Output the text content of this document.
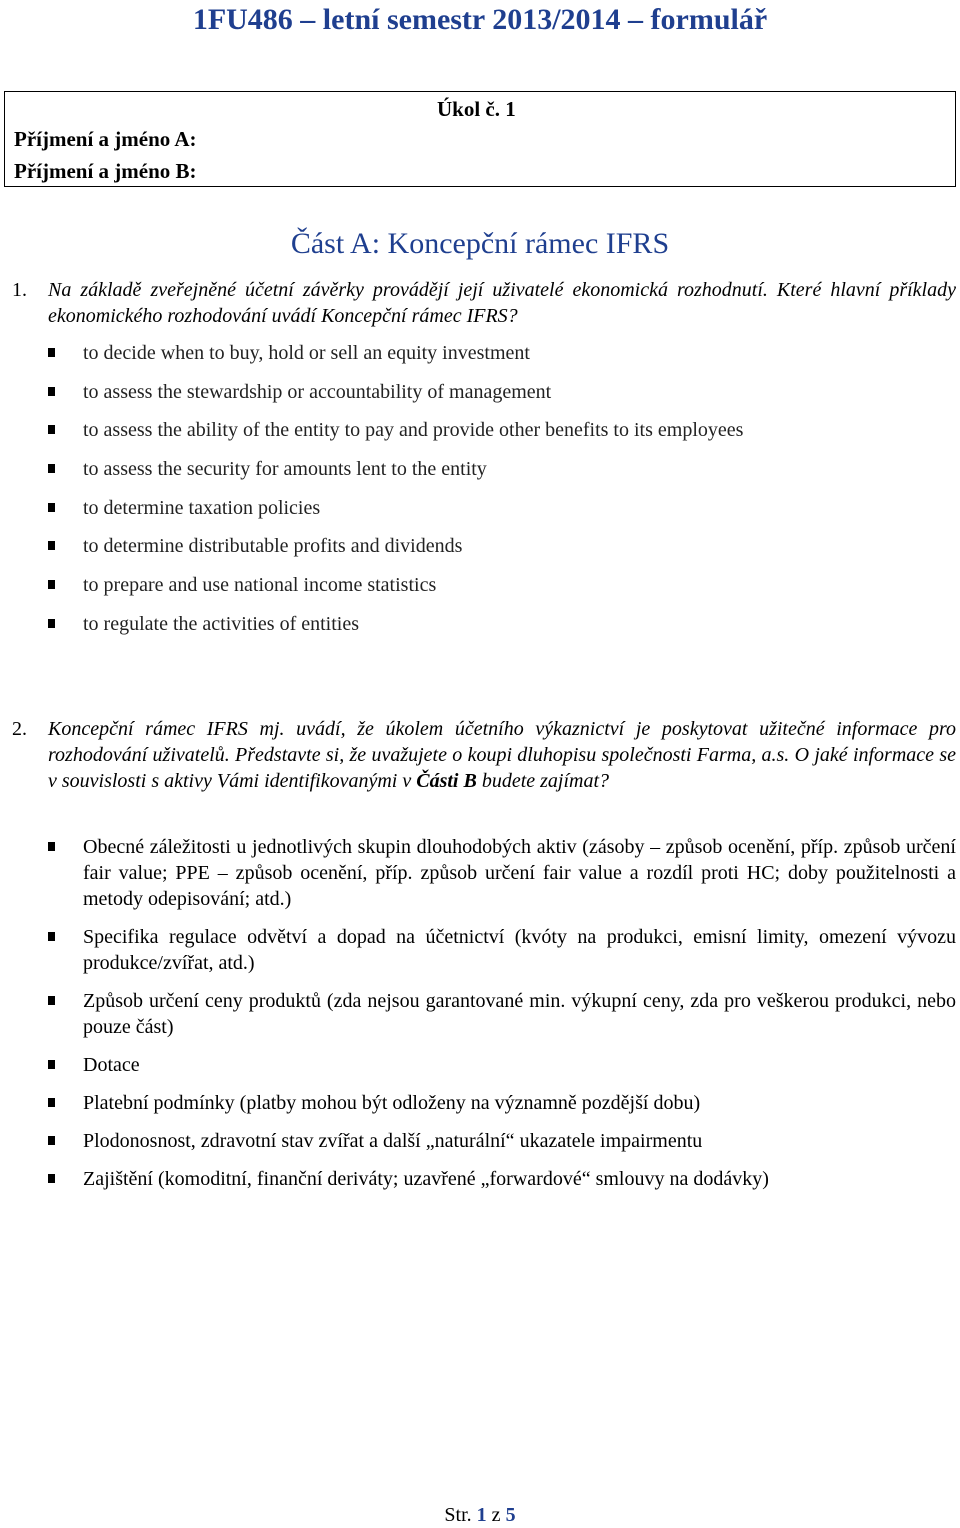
1FU486 – letní semestr 2013/2014 – formulář
Úkol č. 1
Příjmení a jméno A:
Příjmení a jméno B:
Část A: Koncepční rámec IFRS
1. Na základě zveřejněné účetní závěrky provádějí její uživatelé ekonomická rozhodnutí. Které hlavní příklady ekonomického rozhodování uvádí Koncepční rámec IFRS?
to decide when to buy, hold or sell an equity investment
to assess the stewardship or accountability of management
to assess the ability of the entity to pay and provide other benefits to its employees
to assess the security for amounts lent to the entity
to determine taxation policies
to determine distributable profits and dividends
to prepare and use national income statistics
to regulate the activities of entities
2. Koncepční rámec IFRS mj. uvádí, že úkolem účetního výkaznictví je poskytovat užitečné informace pro rozhodování uživatelů. Představte si, že uvažujete o koupi dluhopisu společnosti Farma, a.s. O jaké informace se v souvislosti s aktivy Vámi identifikovanými v Části B budete zajímat?
Obecné záležitosti u jednotlivých skupin dlouhodobých aktiv (zásoby – způsob ocenění, příp. způsob určení fair value; PPE – způsob ocenění, příp. způsob určení fair value a rozdíl proti HC; doby použitelnosti a metody odepisování; atd.)
Specifika regulace odvětví a dopad na účetnictví (kvóty na produkci, emisní limity, omezení vývozu produkce/zvířat, atd.)
Způsob určení ceny produktů (zda nejsou garantované min. výkupní ceny, zda pro veškerou produkci, nebo pouze část)
Dotace
Platební podmínky (platby mohou být odloženy na významně pozdější dobu)
Plodonosnost, zdravotní stav zvířat a další „naturální“ ukazatele impairmentu
Zajištění (komoditní, finanční deriváty; uzavřené „forwardové“ smlouvy na dodávky)
Str. 1 z 5
